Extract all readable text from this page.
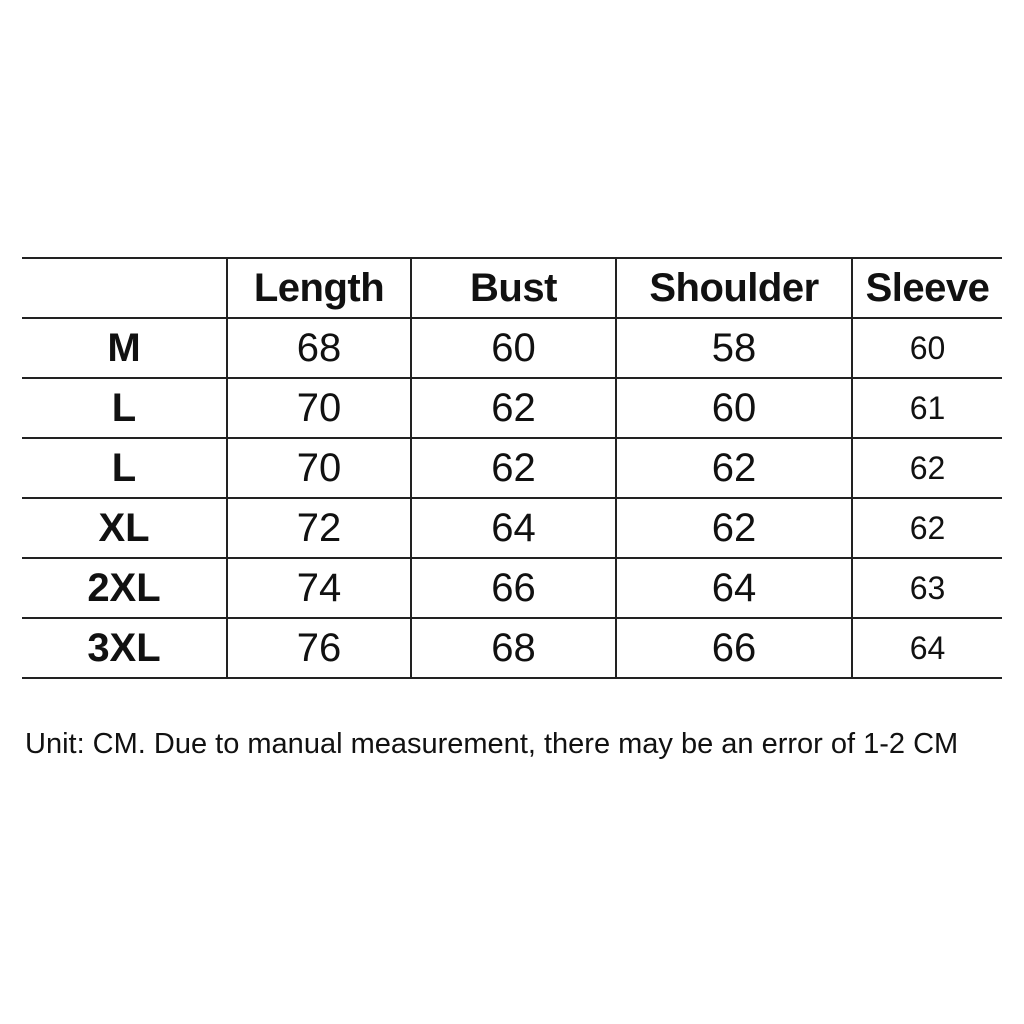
	Length	Bust	Shoulder	Sleeve
M	68	60	58	60
L	70	62	60	61
L	70	62	62	62
XL	72	64	62	62
2XL	74	66	64	63
3XL	76	68	66	64
Unit: CM. Due to manual measurement, there may be an error of 1-2 CM
